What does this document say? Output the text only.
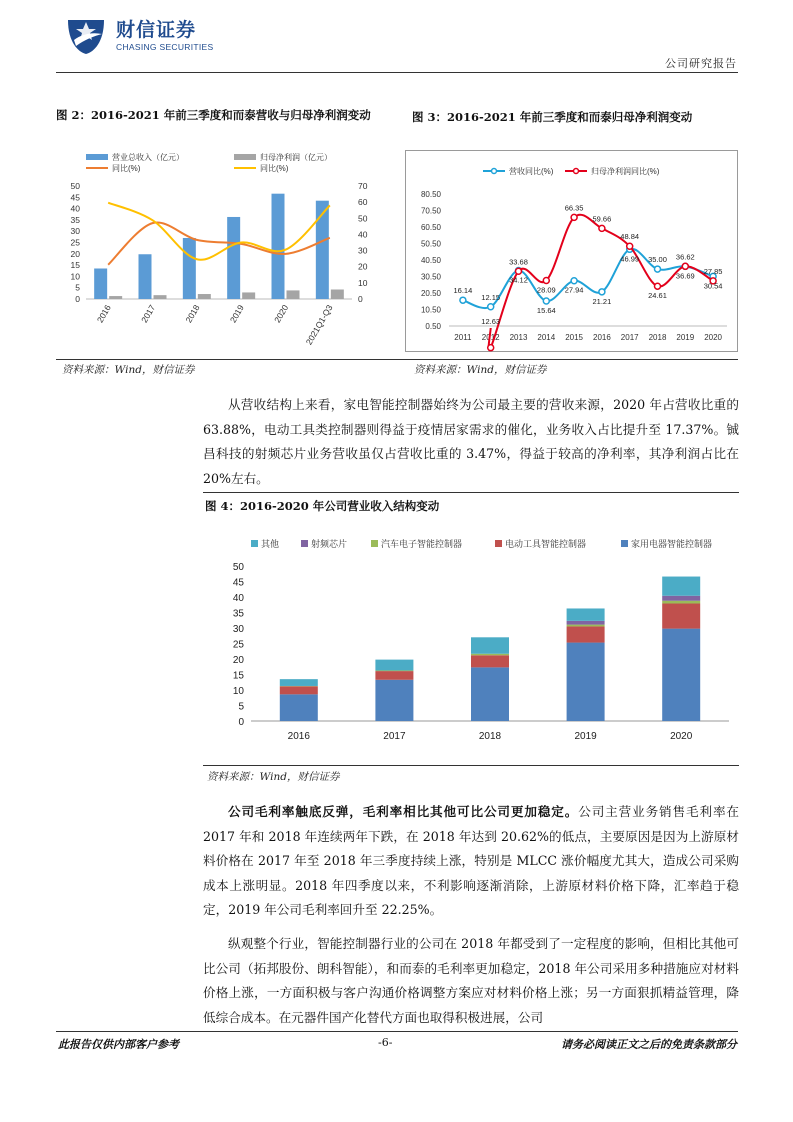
财信证券
CHASING SECURITIES
公司研究报告
图 2：2016-2021 年前三季度和而泰营收与归母净利润变动
营业总收入（亿元）	归母净利润（亿元）
同比(%)	同比(%)
0
5
10
15
20
25
30
35
40
45
50
0
10
20
30
40
50
60
70
2016	2017	2018	2019	2020 2021Q1-Q3
图 3：2016-2021 年前三季度和而泰归母净利润变动
营收同比(%)	归母净利润同比(%)
0.50
10.50
20.50
30.50
40.50
50.50
60.50
70.50
80.50
2011 2012 2013 2014 2015 2016 2017 2018 2019 2020
16.14
12.15
12.63
33.68
34.12
15.64
28.09
66.35
27.94
59.66
21.21
46.99
48.84
35.00
24.61
36.62
36.69 27.85
30.54
资料来源：Wind，财信证券	资料来源：Wind，财信证券
从营收结构上来看，家电智能控制器始终为公司最主要的营收来源，2020 年占营收比重的 63.88%，电动工具类控制器则得益于疫情居家需求的催化，业务收入占比提升至 17.37%。铖昌科技的射频芯片业务营收虽仅占营收比重的 3.47%，得益于较高的净利率，其净利润占比在 20%左右。
图 4：2016-2020 年公司营业收入结构变动
其他	射频芯片	汽车电子智能控制器	电动工具智能控制器	家用电器智能控制器
0
5
10
15
20
25
30
35
40
45
50
2016	2017	2018	2019	2020
资料来源：Wind，财信证券
公司毛利率触底反弹，毛利率相比其他可比公司更加稳定。公司主营业务销售毛利率在 2017 年和 2018 年连续两年下跌，在 2018 年达到 20.62%的低点，主要原因是因为上游原材料价格在 2017 年至 2018 年三季度持续上涨，特别是 MLCC 涨价幅度尤其大，造成公司采购成本上涨明显。2018 年四季度以来，不利影响逐渐消除，上游原材料价格下降，汇率趋于稳定，2019 年公司毛利率回升至 22.25%。
纵观整个行业，智能控制器行业的公司在 2018 年都受到了一定程度的影响，但相比其他可比公司（拓邦股份、朗科智能），和而泰的毛利率更加稳定，2018 年公司采用多种措施应对材料价格上涨，一方面积极与客户沟通价格调整方案应对材料价格上涨；另一方面狠抓精益管理，降低综合成本。在元器件国产化替代方面也取得积极进展，公司
此报告仅供内部客户参考	-6-	请务必阅读正文之后的免责条款部分
